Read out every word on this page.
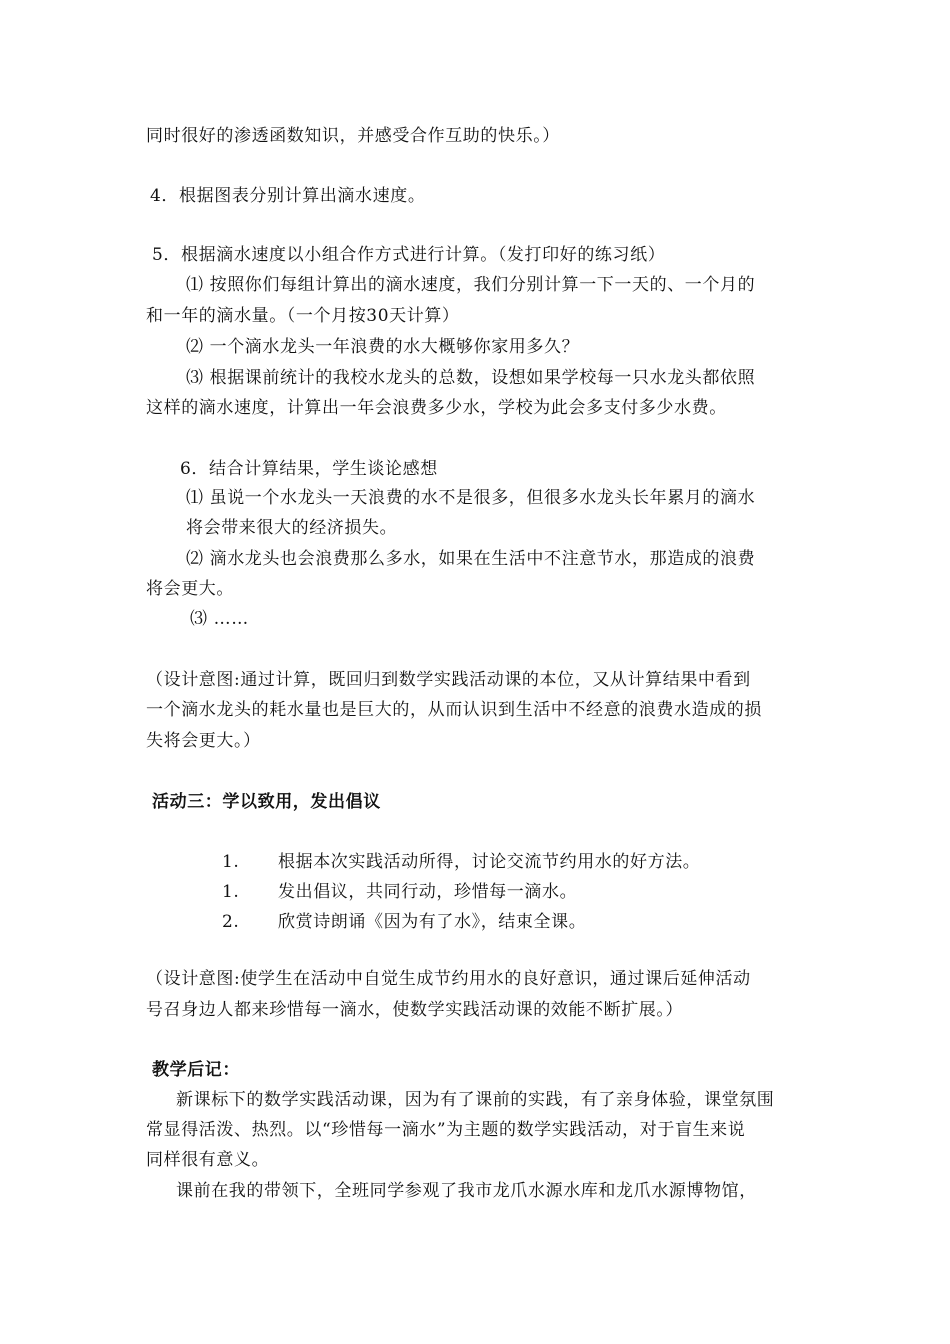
同时很好的渗透函数知识，并感受合作互助的快乐。）
4．根据图表分别计算出滴水速度。
5．根据滴水速度以小组合作方式进行计算。（发打印好的练习纸）
⑴ 按照你们每组计算出的滴水速度，我们分别计算一下一天的、一个月的
和一年的滴水量。（一个月按30天计算）
⑵ 一个滴水龙头一年浪费的水大概够你家用多久？
⑶ 根据课前统计的我校水龙头的总数，设想如果学校每一只水龙头都依照
这样的滴水速度，计算出一年会浪费多少水，学校为此会多支付多少水费。
6．结合计算结果，学生谈论感想
⑴ 虽说一个水龙头一天浪费的水不是很多，但很多水龙头长年累月的滴水
将会带来很大的经济损失。
⑵ 滴水龙头也会浪费那么多水，如果在生活中不注意节水，那造成的浪费
将会更大。
⑶ ……
（设计意图:通过计算，既回归到数学实践活动课的本位，又从计算结果中看到
一个滴水龙头的耗水量也是巨大的，从而认识到生活中不经意的浪费水造成的损
失将会更大。）
活动三：学以致用，发出倡议
1. 根据本次实践活动所得，讨论交流节约用水的好方法。
1. 发出倡议，共同行动，珍惜每一滴水。
2. 欣赏诗朗诵《因为有了水》，结束全课。
（设计意图:使学生在活动中自觉生成节约用水的良好意识，通过课后延伸活动
号召身边人都来珍惜每一滴水，使数学实践活动课的效能不断扩展。）
教学后记：
新课标下的数学实践活动课，因为有了课前的实践，有了亲身体验，课堂氛围
常显得活泼、热烈。以“珍惜每一滴水”为主题的数学实践活动，对于盲生来说
同样很有意义。
课前在我的带领下，全班同学参观了我市龙爪水源水库和龙爪水源博物馆，
